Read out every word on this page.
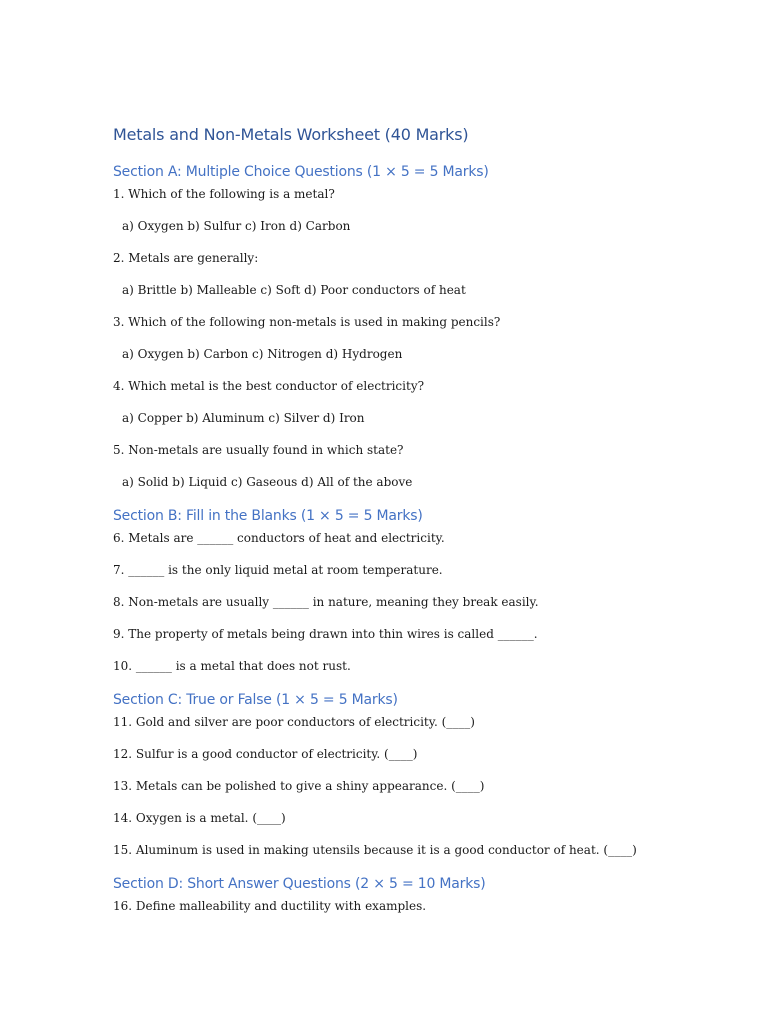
Metals and Non-Metals Worksheet (40 Marks)
Section A: Multiple Choice Questions (1 × 5 = 5 Marks)
1. Which of the following is a metal?
a) Oxygen b) Sulfur c) Iron d) Carbon
2. Metals are generally:
a) Brittle b) Malleable c) Soft d) Poor conductors of heat
3. Which of the following non-metals is used in making pencils?
a) Oxygen b) Carbon c) Nitrogen d) Hydrogen
4. Which metal is the best conductor of electricity?
a) Copper b) Aluminum c) Silver d) Iron
5. Non-metals are usually found in which state?
a) Solid b) Liquid c) Gaseous d) All of the above
Section B: Fill in the Blanks (1 × 5 = 5 Marks)
6. Metals are ______ conductors of heat and electricity.
7. ______ is the only liquid metal at room temperature.
8. Non-metals are usually ______ in nature, meaning they break easily.
9. The property of metals being drawn into thin wires is called ______.
10. ______ is a metal that does not rust.
Section C: True or False (1 × 5 = 5 Marks)
11. Gold and silver are poor conductors of electricity. (____)
12. Sulfur is a good conductor of electricity. (____)
13. Metals can be polished to give a shiny appearance. (____)
14. Oxygen is a metal. (____)
15. Aluminum is used in making utensils because it is a good conductor of heat. (____)
Section D: Short Answer Questions (2 × 5 = 10 Marks)
16. Define malleability and ductility with examples.
